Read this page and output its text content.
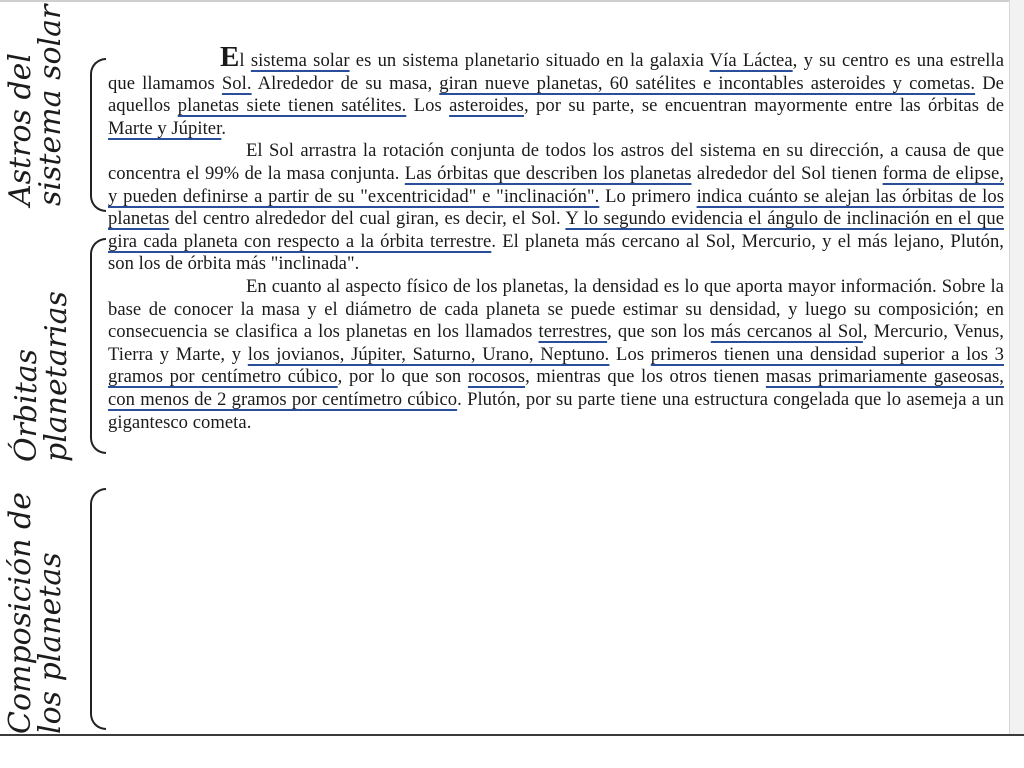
Astros del
sistema solar
Órbitas
planetarias
Composición de
los planetas

El sistema solar es un sistema planetario situado en la galaxia Vía Láctea, y su centro es una estrella que llamamos Sol. Alrededor de su masa, giran nueve planetas, 60 satélites e incontables asteroides y cometas. De aquellos planetas siete tienen satélites. Los asteroides, por su parte, se encuentran mayormente entre las órbitas de Marte y Júpiter.

El Sol arrastra la rotación conjunta de todos los astros del sistema en su dirección, a causa de que concentra el 99% de la masa conjunta. Las órbitas que describen los planetas alrededor del Sol tienen forma de elipse, y pueden definirse a partir de su "excentricidad" e "inclinación". Lo primero indica cuánto se alejan las órbitas de los planetas del centro alrededor del cual giran, es decir, el Sol. Y lo segundo evidencia el ángulo de inclinación en el que gira cada planeta con respecto a la órbita terrestre. El planeta más cercano al Sol, Mercurio, y el más lejano, Plutón, son los de órbita más "inclinada".

En cuanto al aspecto físico de los planetas, la densidad es lo que aporta mayor información. Sobre la base de conocer la masa y el diámetro de cada planeta se puede estimar su densidad, y luego su composición; en consecuencia se clasifica a los planetas en los llamados terrestres, que son los más cercanos al Sol, Mercurio, Venus, Tierra y Marte, y los jovianos, Júpiter, Saturno, Urano, Neptuno. Los primeros tienen una densidad superior a los 3 gramos por centímetro cúbico, por lo que son rocosos, mientras que los otros tienen masas primariamente gaseosas, con menos de 2 gramos por centímetro cúbico. Plutón, por su parte tiene una estructura congelada que lo asemeja a un gigantesco cometa.
